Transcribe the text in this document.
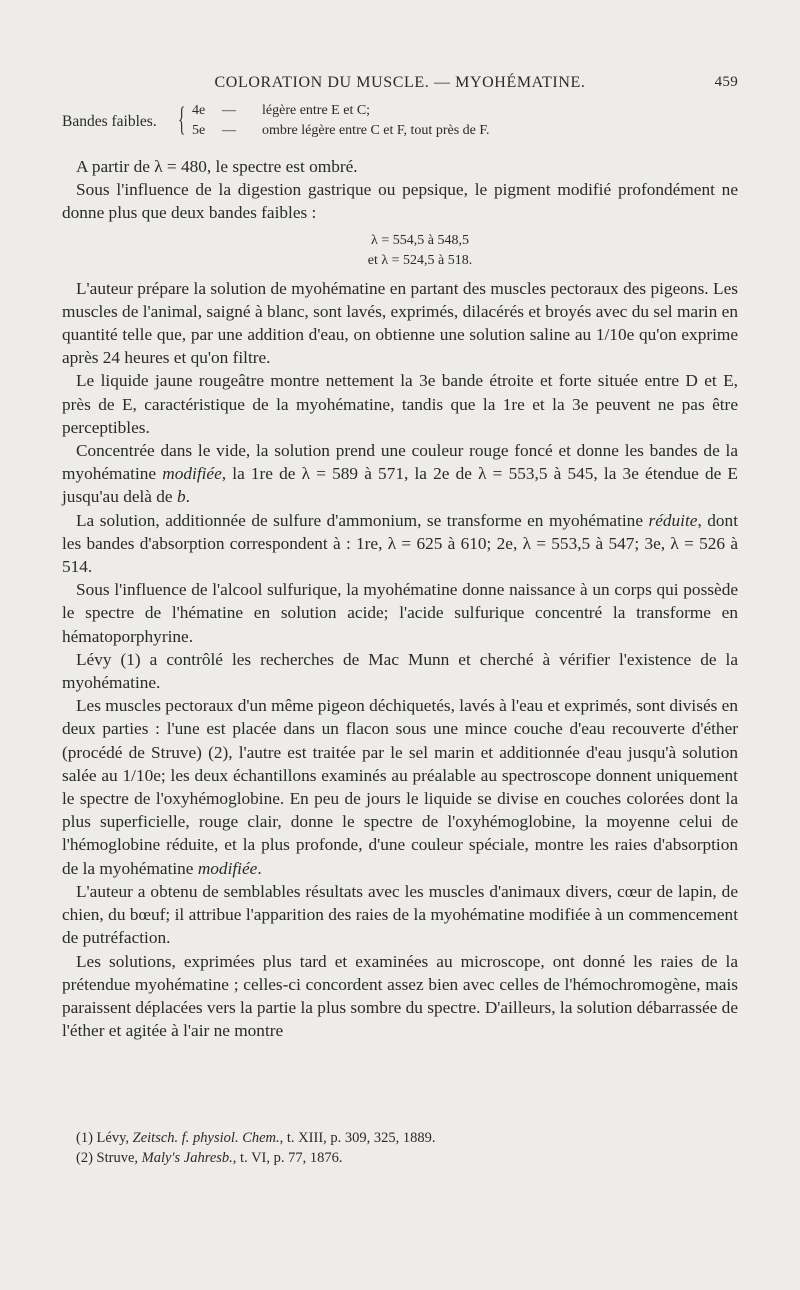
COLORATION DU MUSCLE. — MYOHÉMATINE.	459
Bandes faibles. { 4e — légère entre E et C;
5e — ombre légère entre C et F, tout près de F.

A partir de λ = 480, le spectre est ombré.

Sous l'influence de la digestion gastrique ou pepsique, le pigment modifié profondément ne donne plus que deux bandes faibles :

λ = 554,5 à 548,5
et λ = 524,5 à 518.

L'auteur prépare la solution de myohématine en partant des muscles pectoraux des pigeons. Les muscles de l'animal, saigné à blanc, sont lavés, exprimés, dilacérés et broyés avec du sel marin en quantité telle que, par une addition d'eau, on obtienne une solution saline au 1/10e qu'on exprime après 24 heures et qu'on filtre.

Le liquide jaune rougeâtre montre nettement la 3e bande étroite et forte située entre D et E, près de E, caractéristique de la myohématine, tandis que la 1re et la 3e peuvent ne pas être perceptibles.

Concentrée dans le vide, la solution prend une couleur rouge foncé et donne les bandes de la myohématine modifiée, la 1re de λ = 589 à 571, la 2e de λ = 553,5 à 545, la 3e étendue de E jusqu'au delà de b.

La solution, additionnée de sulfure d'ammonium, se transforme en myohématine réduite, dont les bandes d'absorption correspondent à : 1re, λ = 625 à 610; 2e, λ = 553,5 à 547; 3e, λ = 526 à 514.

Sous l'influence de l'alcool sulfurique, la myohématine donne naissance à un corps qui possède le spectre de l'hématine en solution acide; l'acide sulfurique concentré la transforme en hématoporphyrine.

Lévy (1) a contrôlé les recherches de Mac Munn et cherché à vérifier l'existence de la myohématine.

Les muscles pectoraux d'un même pigeon déchiquetés, lavés à l'eau et exprimés, sont divisés en deux parties : l'une est placée dans un flacon sous une mince couche d'eau recouverte d'éther (procédé de Struve) (2), l'autre est traitée par le sel marin et additionnée d'eau jusqu'à solution salée au 1/10e; les deux échantillons examinés au préalable au spectroscope donnent uniquement le spectre de l'oxyhémoglobine. En peu de jours le liquide se divise en couches colorées dont la plus superficielle, rouge clair, donne le spectre de l'oxyhémoglobine, la moyenne celui de l'hémoglobine réduite, et la plus profonde, d'une couleur spéciale, montre les raies d'absorption de la myohématine modifiée.

L'auteur a obtenu de semblables résultats avec les muscles d'animaux divers, cœur de lapin, de chien, du bœuf; il attribue l'apparition des raies de la myohématine modifiée à un commencement de putréfaction.

Les solutions, exprimées plus tard et examinées au microscope, ont donné les raies de la prétendue myohématine ; celles-ci concordent assez bien avec celles de l'hémochromogène, mais paraissent déplacées vers la partie la plus sombre du spectre. D'ailleurs, la solution débarrassée de l'éther et agitée à l'air ne montre

(1) Lévy, Zeitsch. f. physiol. Chem., t. XIII, p. 309, 325, 1889.
(2) Struve, Maly's Jahresb., t. VI, p. 77, 1876.
